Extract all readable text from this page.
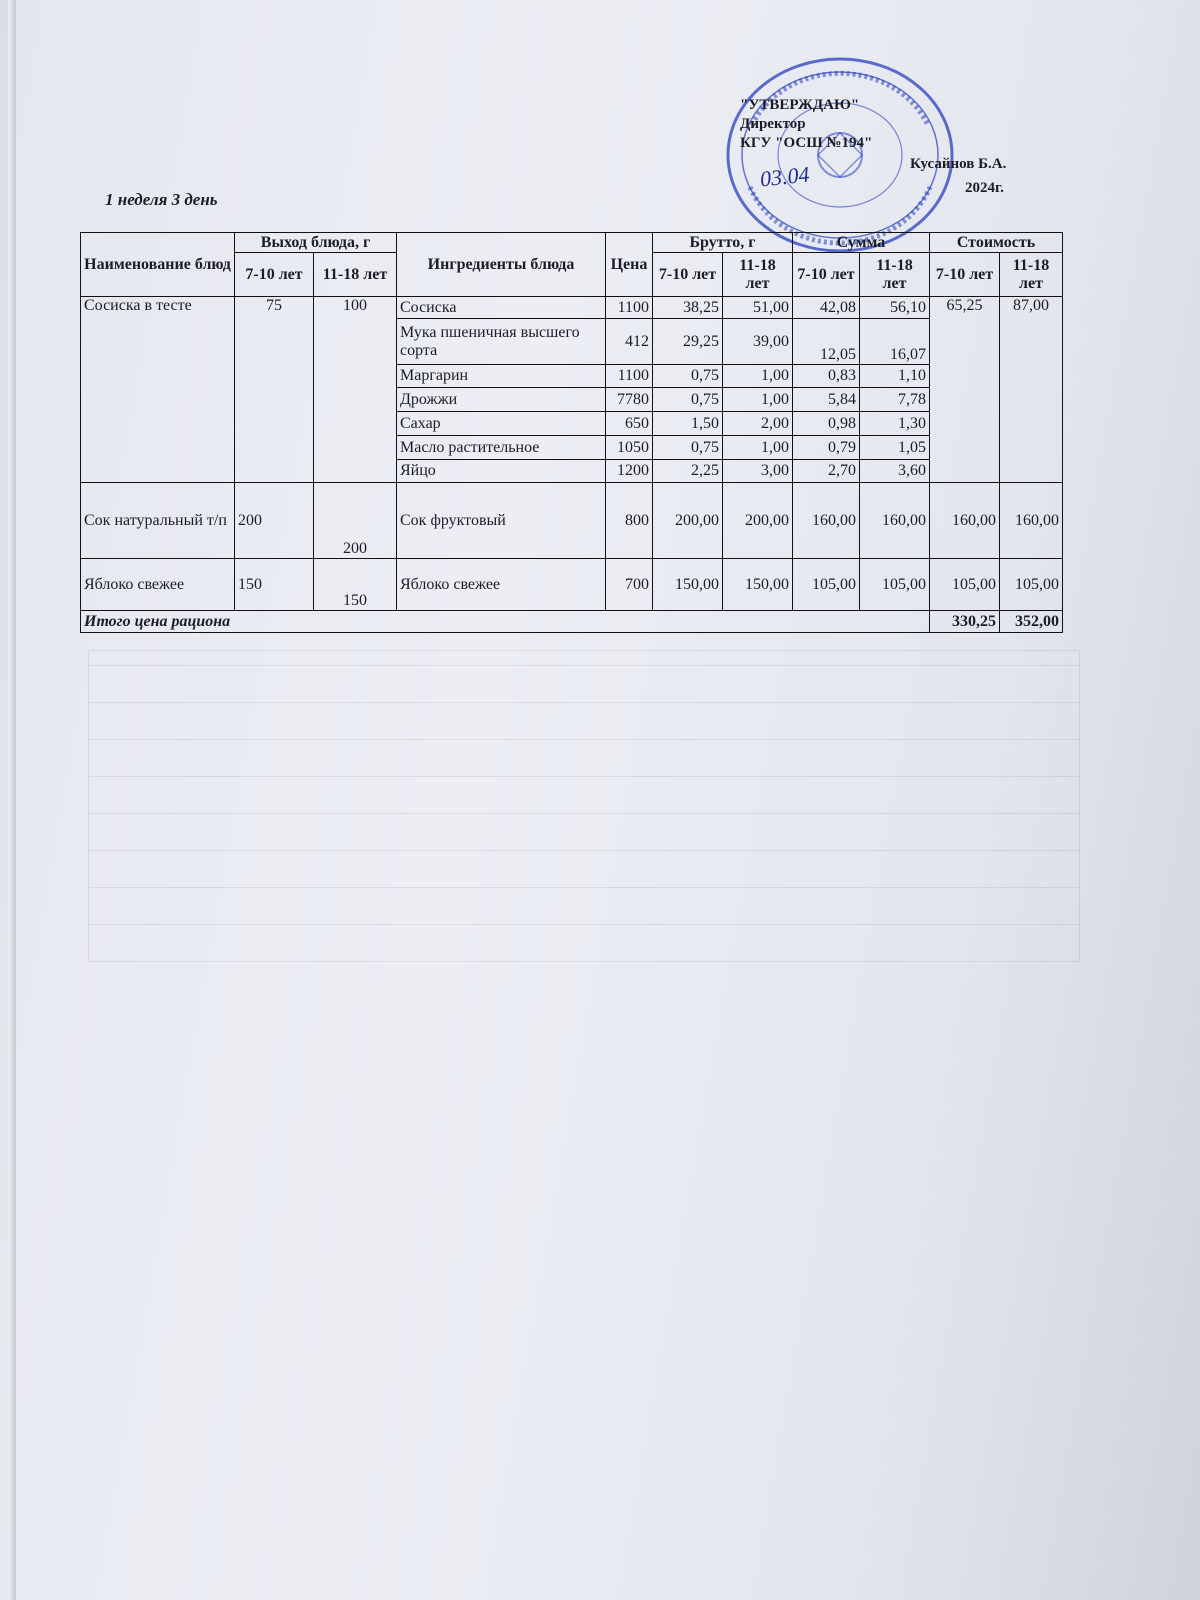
"УТВЕРЖДАЮ"
Директор
КГУ "ОСШ №194"
Кусайнов Б.А.
03.04	2024г.
1 неделя 3 день
Наименование блюд	Выход блюда, г		Ингредиенты блюда	Цена	Брутто, г		Сумма		Стоимость	
	7-10 лет	11-18 лет			7-10 лет	11-18 лет	7-10 лет	11-18 лет	7-10 лет	11-18 лет
Сосиска в тесте	75	100	Сосиска	1100	38,25	51,00	42,08	56,10	65,25	87,00
			Мука пшеничная высшего сорта	412	29,25	39,00	12,05	16,07		
			Маргарин	1100	0,75	1,00	0,83	1,10		
			Дрожжи	7780	0,75	1,00	5,84	7,78		
			Сахар	650	1,50	2,00	0,98	1,30		
			Масло растительное	1050	0,75	1,00	0,79	1,05		
			Яйцо	1200	2,25	3,00	2,70	3,60		
Сок натуральный т/п	200	200	Сок фруктовый	800	200,00	200,00	160,00	160,00	160,00	160,00
Яблоко свежее	150	150	Яблоко свежее	700	150,00	150,00	105,00	105,00	105,00	105,00
Итого цена рациона									330,25	352,00
